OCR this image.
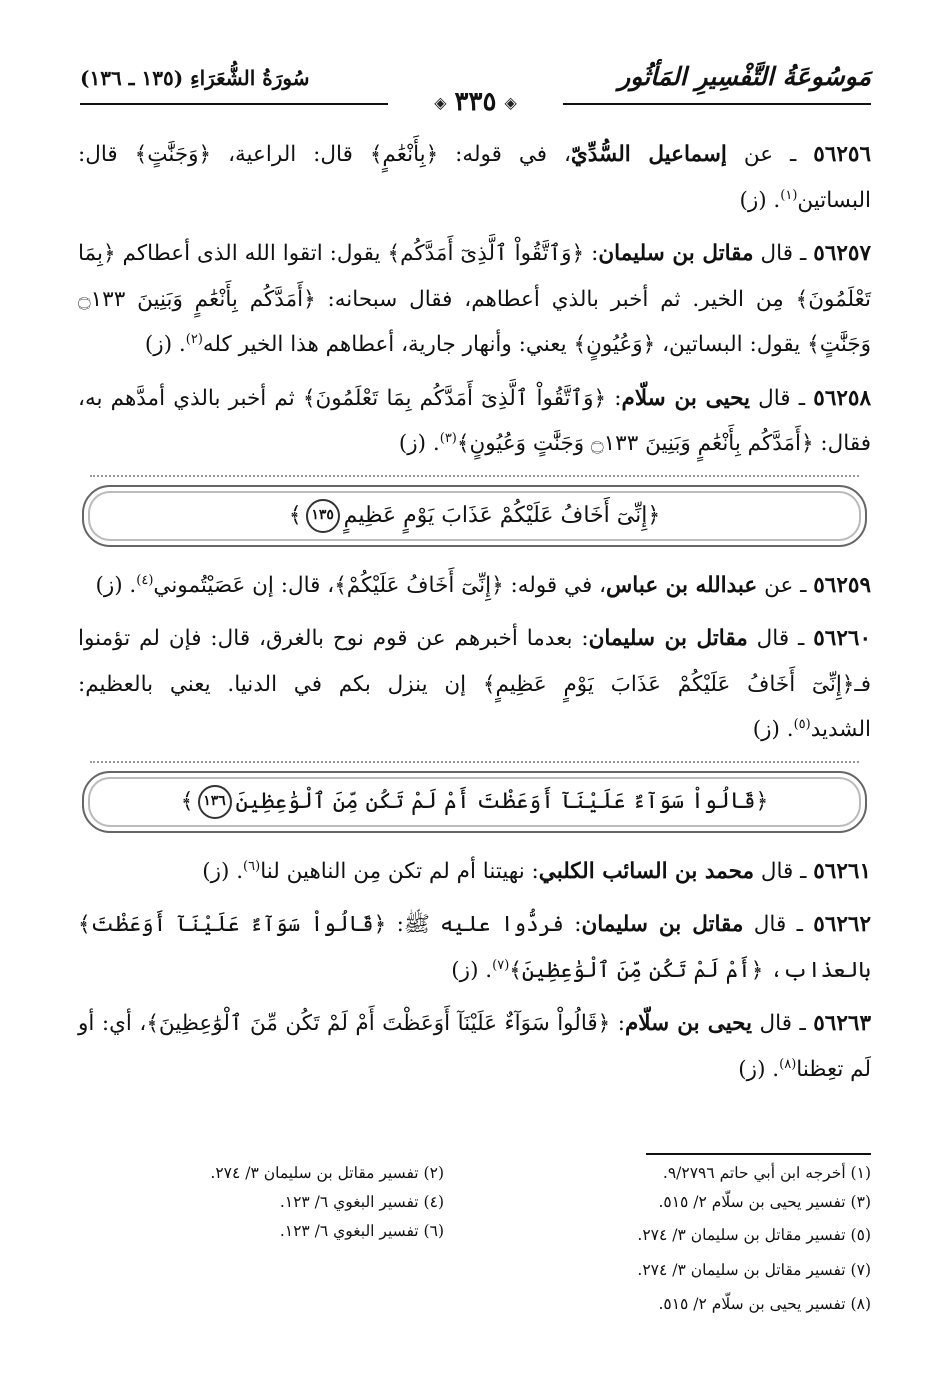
مَوسُوعَةُ التَّفْسِيرِ المَأثُور
سُورَةُ الشُّعَرَاءِ (١٣٥ ـ ١٣٦)
◈
٣٣٥
◈

٥٦٢٥٦ ـ عن إسماعيل السُّدِّيّ، في قوله: ﴿بِأَنْعَٰمٍ﴾ قال: الراعية، ﴿وَجَنَّٰتٍ﴾ قال: البساتين$^{(١)}$. (ز)

٥٦٢٥٧ ـ قال مقاتل بن سليمان: ﴿وَٱتَّقُواْ ٱلَّذِىٓ أَمَدَّكُم﴾ يقول: اتقوا الله الذى أعطاكم ﴿بِمَا تَعْلَمُونَ﴾ مِن الخير. ثم أخبر بالذي أعطاهم، فقال سبحانه: ﴿أَمَدَّكُم بِأَنْعَٰمٍ وَبَنِينَ ۝١٣٣ وَجَنَّٰتٍ﴾ يقول: البساتين، ﴿وَعُيُونٍ﴾ يعني: وأنهار جارية، أعطاهم هذا الخير كله$^{(٢)}$. (ز)

٥٦٢٥٨ ـ قال يحيى بن سلّام: ﴿وَٱتَّقُواْ ٱلَّذِىٓ أَمَدَّكُم بِمَا تَعْلَمُونَ﴾ ثم أخبر بالذي أمدَّهم به، فقال: ﴿أَمَدَّكُم بِأَنْعَٰمٍ وَبَنِينَ ۝١٣٣ وَجَنَّٰتٍ وَعُيُونٍ﴾$^{(٣)}$. (ز)

﴿إِنِّىٓ أَخَافُ عَلَيْكُمْ عَذَابَ يَوْمٍ عَظِيمٍ
١٣٥
﴾

٥٦٢٥٩ ـ عن عبدالله بن عباس، في قوله: ﴿إِنِّىٓ أَخَافُ عَلَيْكُمْ﴾، قال: إن عَصَيْتُموني$^{(٤)}$. (ز)

٥٦٢٦٠ ـ قال مقاتل بن سليمان: بعدما أخبرهم عن قوم نوح بالغرق، قال: فإن لم تؤمنوا فـ﴿إِنِّىٓ أَخَافُ عَلَيْكُمْ عَذَابَ يَوْمٍ عَظِيمٍ﴾ إن ينزل بكم في الدنيا. يعني بالعظيم: الشديد$^{(٥)}$. (ز)

﴿قَالُواْ سَوَآءٌ عَلَيْنَآ أَوَعَظْتَ أَمْ لَمْ تَكُن مِّنَ ٱلْوَٰعِظِينَ
١٣٦
﴾

٥٦٢٦١ ـ قال محمد بن السائب الكلبي: نهيتنا أم لم تكن مِن الناهين لنا$^{(٦)}$. (ز)

٥٦٢٦٢ ـ قال مقاتل بن سليمان: فردُّوا عليه ﷺ: ﴿قَالُواْ سَوَآءٌ عَلَيْنَآ أَوَعَظْتَ﴾ بالعذاب، ﴿أَمْ لَمْ تَكُن مِّنَ ٱلْوَٰعِظِينَ﴾$^{(٧)}$. (ز)

٥٦٢٦٣ ـ قال يحيى بن سلّام: ﴿قَالُواْ سَوَآءٌ عَلَيْنَآ أَوَعَظْتَ أَمْ لَمْ تَكُن مِّنَ ٱلْوَٰعِظِينَ﴾، أي: أو لَم تعِظنا$^{(٨)}$. (ز)

(١) أخرجه ابن أبي حاتم ٩/٢٧٩٦.
(٣) تفسير يحيى بن سلّام ٢/ ٥١٥.
(٥) تفسير مقاتل بن سليمان ٣/ ٢٧٤.
(٧) تفسير مقاتل بن سليمان ٣/ ٢٧٤.
(٨) تفسير يحيى بن سلّام ٢/ ٥١٥.
(٢) تفسير مقاتل بن سليمان ٣/ ٢٧٤.
(٤) تفسير البغوي ٦/ ١٢٣.
(٦) تفسير البغوي ٦/ ١٢٣.
